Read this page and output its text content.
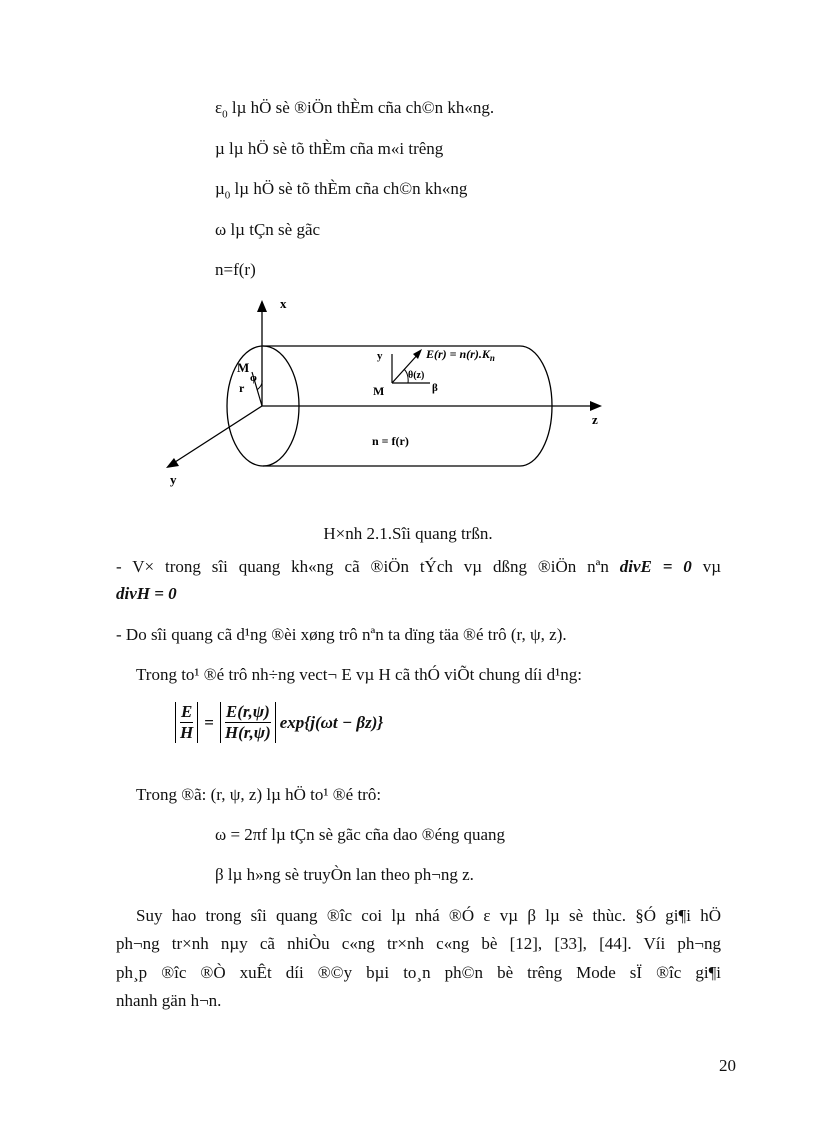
$\varepsilon_0$ lµ hÖ sè ®iÖn thÈm cña ch©n kh«ng.
µ lµ hÖ sè tõ thÈm cña m«i trêng
µ$_0$ lµ hÖ sè tõ thÈm cña ch©n kh«ng
ω lµ tÇn sè gãc
n=f(r)
x
y
z
M
r
φ
y
M
$E(r) = n(r).K_n$
θ(z)
β
n = f(r)
H×nh 2.1.Sîi quang trßn.
- V× trong sîi quang kh«ng cã ®iÖn tÝch vµ dßng ®iÖn nªn divE = 0 vµ
divH = 0
- Do sîi quang cã d¹ng ®èi xøng trô nªn ta dïng täa ®é trô (r, ψ, z).
Trong to¹ ®é trô nh÷ng vect¬ E vµ H cã thÓ viÕt chung díi d¹ng:
E
H
	=	
E(r,ψ)
H(r,ψ)
	exp{j(ωt − βz)}
Trong ®ã: (r, ψ, z) lµ hÖ to¹ ®é trô:
ω = 2πf lµ tÇn sè gãc cña dao ®éng quang
β lµ h»ng sè truyÒn lan theo ph¬ng z.
Suy hao trong sîi quang ®îc coi lµ nhá ®Ó ε vµ β lµ sè thùc. §Ó gi¶i hÖ
ph¬ng tr×nh nµy cã nhiÒu c«ng tr×nh c«ng bè [12], [33], [44]. Víi ph¬ng
ph¸p ®îc ®Ò xuÊt díi ®©y bµi to¸n ph©n bè trêng Mode sÏ ®îc gi¶i
nhanh gän h¬n.
20
